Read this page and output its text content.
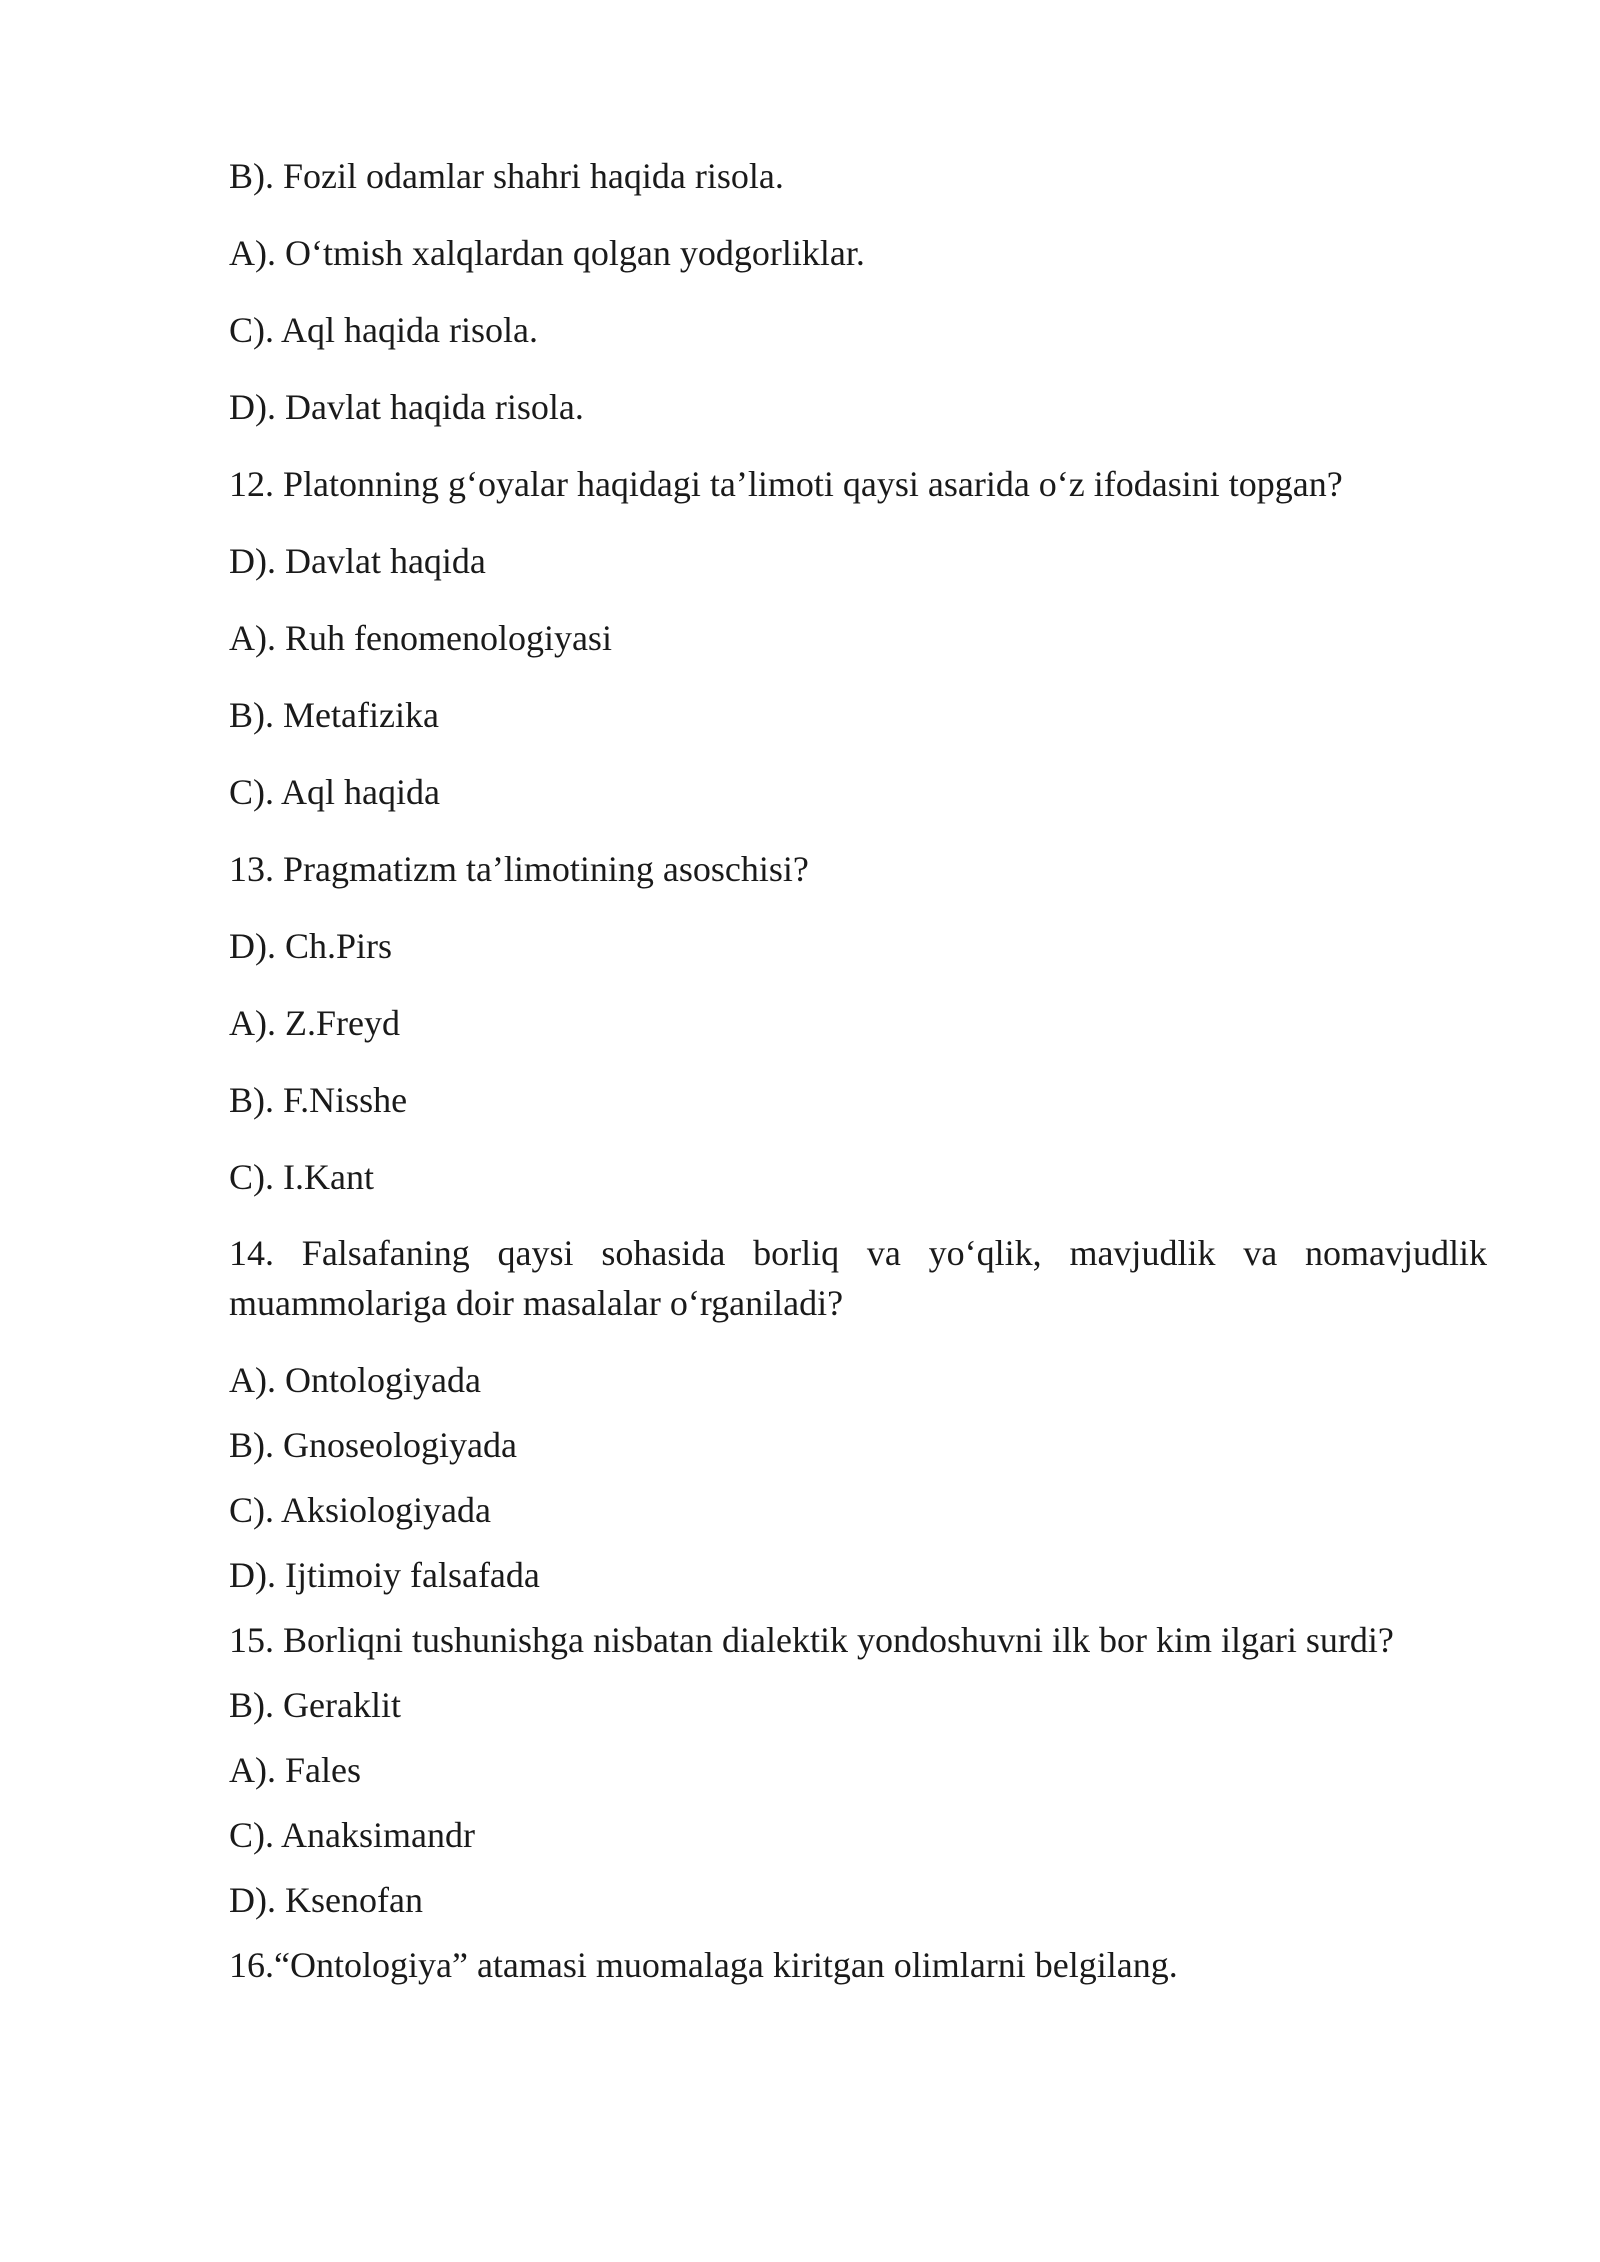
B). Fozil odamlar shahri haqida risola.
A). O‘tmish xalqlardan qolgan yodgorliklar.
C). Aql haqida risola.
D). Davlat haqida risola.
12. Platonning g‘oyalar haqidagi ta’limoti qaysi asarida o‘z ifodasini topgan?
D). Davlat haqida
A). Ruh fenomenologiyasi
B). Metafizika
C). Aql haqida
13. Pragmatizm ta’limotining asoschisi?
D). Ch.Pirs
A). Z.Freyd
B). F.Nisshe
C). I.Kant
14. Falsafaning qaysi sohasida borliq va yo‘qlik, mavjudlik va nomavjudlik muammolariga doir masalalar o‘rganiladi?
A). Ontologiyada
B). Gnoseologiyada
C). Aksiologiyada
D). Ijtimoiy falsafada
15. Borliqni tushunishga nisbatan dialektik yondoshuvni ilk bor kim ilgari surdi?
B). Geraklit
A). Fales
C). Anaksimandr
D). Ksenofan
16.“Ontologiya” atamasi muomalaga kiritgan olimlarni belgilang.
